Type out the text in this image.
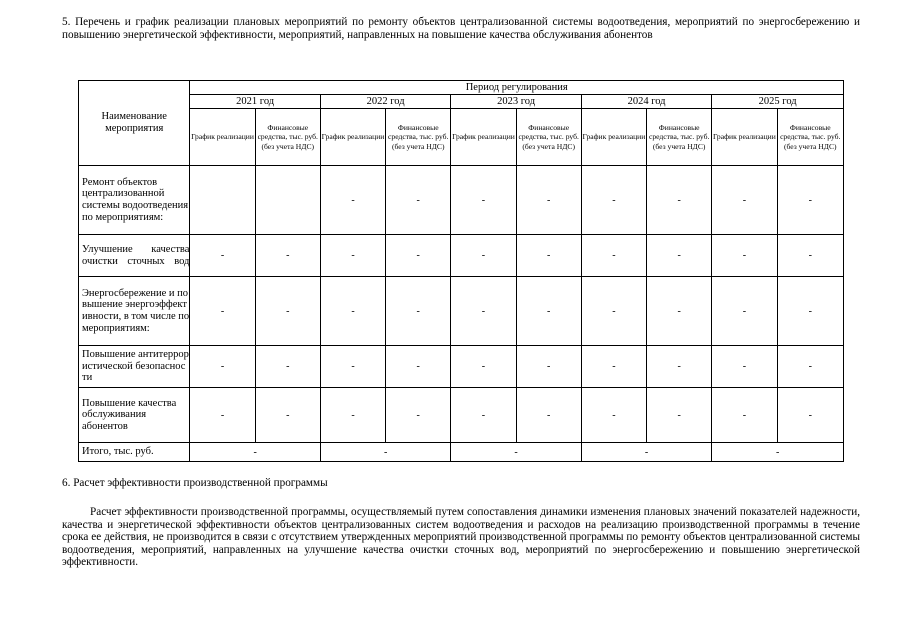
5. Перечень и график реализации плановых мероприятий по ремонту объектов централизованной системы водоотведения, мероприятий по энергосбережению и повышению энергетической эффективности, мероприятий, направленных на повышение качества обслуживания абонентов
Наименование мероприятия	Период регулирования									
	2021 год		2022 год		2023 год		2024 год		2025 год	
	График реализации	Финансовые средства, тыс. руб. (без учета НДС)	График реализации	Финансовые средства, тыс. руб. (без учета НДС)	График реализации	Финансовые средства, тыс. руб. (без учета НДС)	График реализации	Финансовые средства, тыс. руб. (без учета НДС)	График реализации	Финансовые средства, тыс. руб. (без учета НДС)
Ремонт объектов централизованной системы водоотведения по мероприятиям:			-	-	-	-	-	-	-	-
Улучшение качества очистки сточных вод	-	-	-	-	-	-	-	-	-	-
Энергосбережение и повышение энергоэффективности, в том числе по мероприятиям:	-	-	-	-	-	-	-	-	-	-
Повышение антитеррористической безопасности	-	-	-	-	-	-	-	-	-	-
Повышение качества обслуживания абонентов	-	-	-	-	-	-	-	-	-	-
Итого, тыс. руб.	-		-		-		-		-	
6. Расчет эффективности производственной программы
Расчет эффективности производственной программы, осуществляемый путем сопоставления динамики изменения плановых значений показателей надежности, качества и энергетической эффективности объектов централизованных систем водоотведения и расходов на реализацию производственной программы в течение срока ее действия, не производится в связи с отсутствием утвержденных мероприятий производственной программы по ремонту объектов централизованной системы водоотведения, мероприятий, направленных на улучшение качества очистки сточных вод, мероприятий по энергосбережению и повышению энергетической эффективности.
